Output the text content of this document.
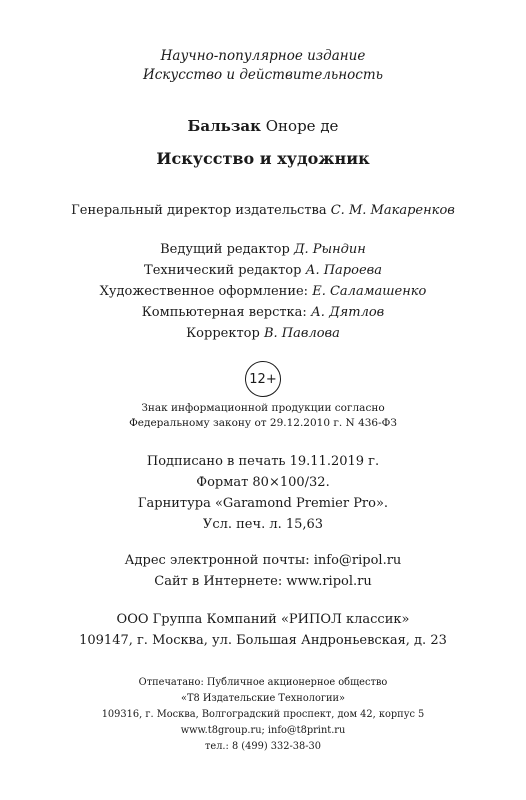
Научно-популярное издание
Искусство и действительность
Бальзак Оноре де
Искусство и художник
Генеральный директор издательства С. М. Макаренков
Ведущий редактор Д. Рындин
Технический редактор А. Пароева
Художественное оформление: Е. Саламашенко
Компьютерная верстка: А. Дятлов
Корректор В. Павлова
12+
Знак информационной продукции согласно
Федеральному закону от 29.12.2010 г. N 436-ФЗ
Подписано в печать 19.11.2019 г.
Формат 80×100/32.
Гарнитура «Garamond Premier Pro».
Усл. печ. л. 15,63
Адрес электронной почты: info@ripol.ru
Сайт в Интернете: www.ripol.ru
ООО Группа Компаний «РИПОЛ классик»
109147, г. Москва, ул. Большая Андроньевская, д. 23
Отпечатано: Публичное акционерное общество
«Т8 Издательские Технологии»
109316, г. Москва, Волгоградский проспект, дом 42, корпус 5
www.t8group.ru; info@t8print.ru
тел.: 8 (499) 332-38-30
